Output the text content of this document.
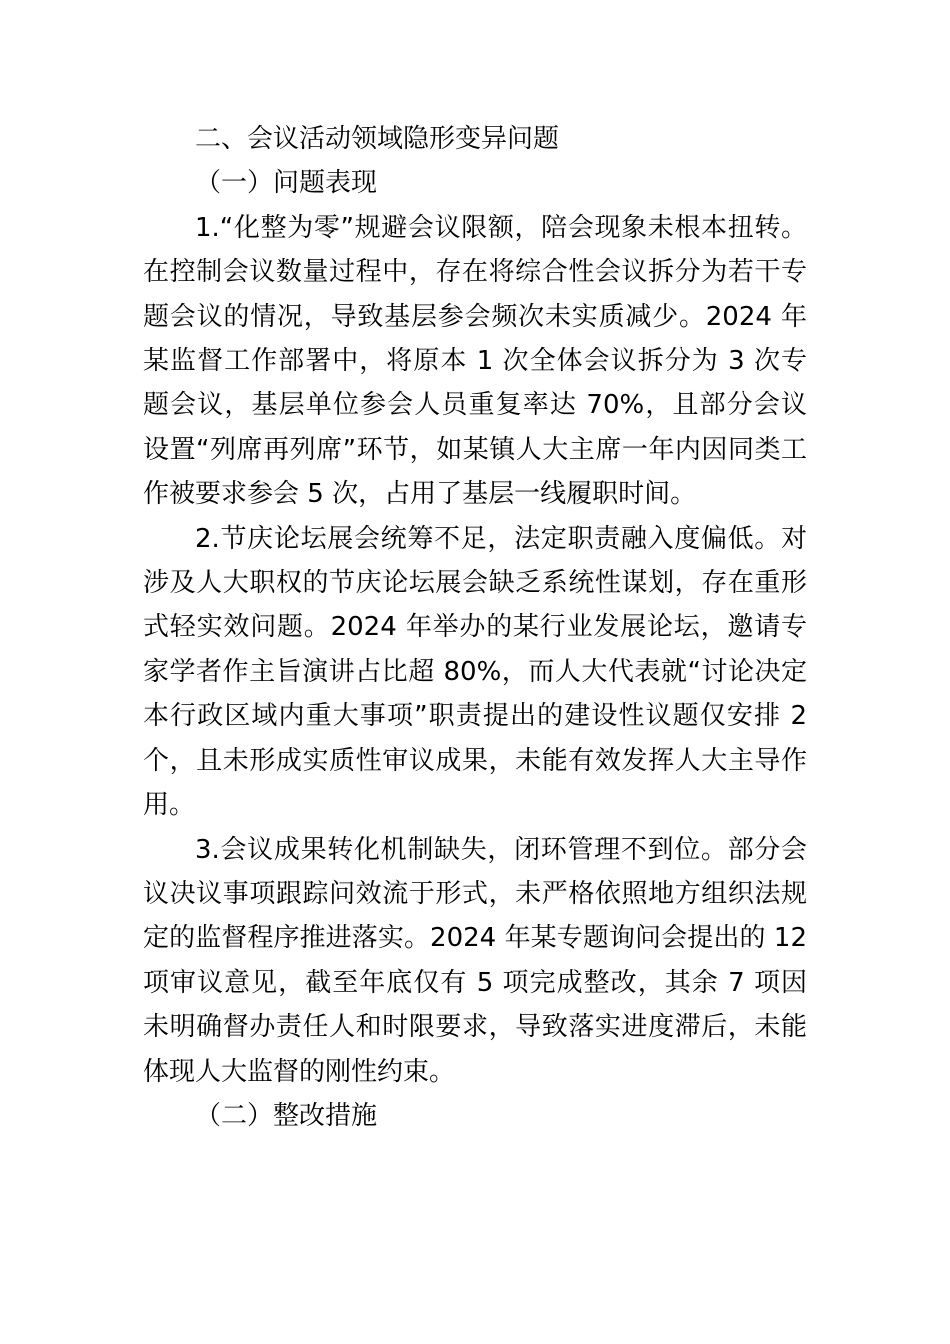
二、会议活动领域隐形变异问题

（一）问题表现

1.“化整为零”规避会议限额，陪会现象未根本扭转。在控制会议数量过程中，存在将综合性会议拆分为若干专题会议的情况，导致基层参会频次未实质减少。2024 年某监督工作部署中，将原本 1 次全体会议拆分为 3 次专题会议，基层单位参会人员重复率达 70%，且部分会议设置“列席再列席”环节，如某镇人大主席一年内因同类工作被要求参会 5 次，占用了基层一线履职时间。

2.节庆论坛展会统筹不足，法定职责融入度偏低。对涉及人大职权的节庆论坛展会缺乏系统性谋划，存在重形式轻实效问题。2024 年举办的某行业发展论坛，邀请专家学者作主旨演讲占比超 80%，而人大代表就“讨论决定本行政区域内重大事项”职责提出的建设性议题仅安排 2 个，且未形成实质性审议成果，未能有效发挥人大主导作用。

3.会议成果转化机制缺失，闭环管理不到位。部分会议决议事项跟踪问效流于形式，未严格依照地方组织法规定的监督程序推进落实。2024 年某专题询问会提出的 12 项审议意见，截至年底仅有 5 项完成整改，其余 7 项因未明确督办责任人和时限要求，导致落实进度滞后，未能体现人大监督的刚性约束。

（二）整改措施
